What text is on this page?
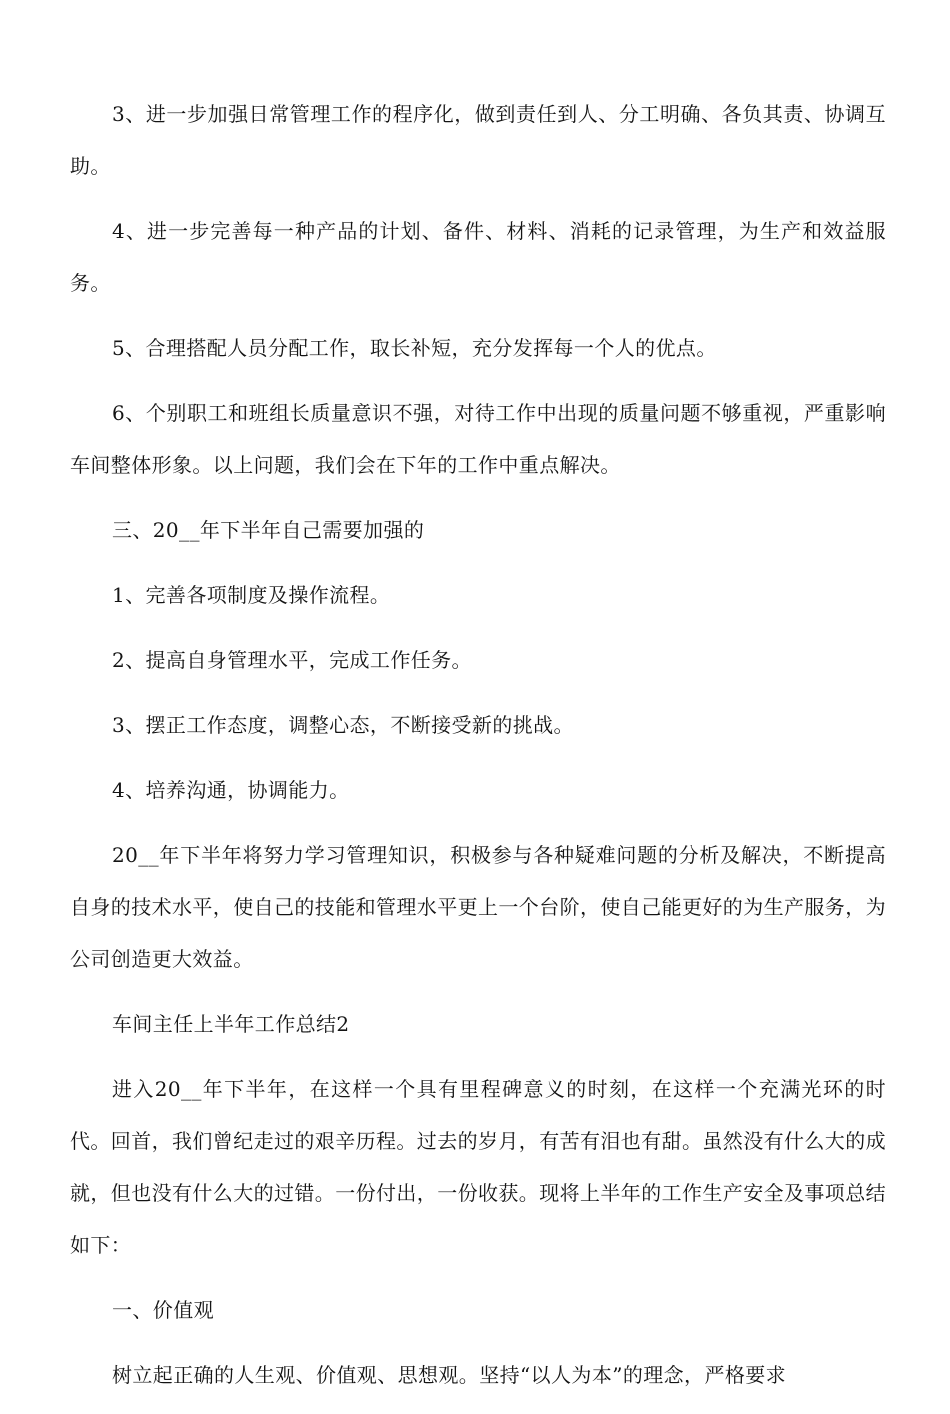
3、进一步加强日常管理工作的程序化，做到责任到人、分工明确、各负其责、协调互助。

4、进一步完善每一种产品的计划、备件、材料、消耗的记录管理，为生产和效益服务。

5、合理搭配人员分配工作，取长补短，充分发挥每一个人的优点。

6、个别职工和班组长质量意识不强，对待工作中出现的质量问题不够重视，严重影响车间整体形象。以上问题，我们会在下年的工作中重点解决。

三、20__年下半年自己需要加强的

1、完善各项制度及操作流程。

2、提高自身管理水平，完成工作任务。

3、摆正工作态度，调整心态，不断接受新的挑战。

4、培养沟通，协调能力。

20__年下半年将努力学习管理知识，积极参与各种疑难问题的分析及解决，不断提高自身的技术水平，使自己的技能和管理水平更上一个台阶，使自己能更好的为生产服务，为公司创造更大效益。

车间主任上半年工作总结2

进入20__年下半年，在这样一个具有里程碑意义的时刻，在这样一个充满光环的时代。回首，我们曾纪走过的艰辛历程。过去的岁月，有苦有泪也有甜。虽然没有什么大的成就，但也没有什么大的过错。一份付出，一份收获。现将上半年的工作生产安全及事项总结如下：

一、价值观

树立起正确的人生观、价值观、思想观。坚持“以人为本”的理念，严格要求
